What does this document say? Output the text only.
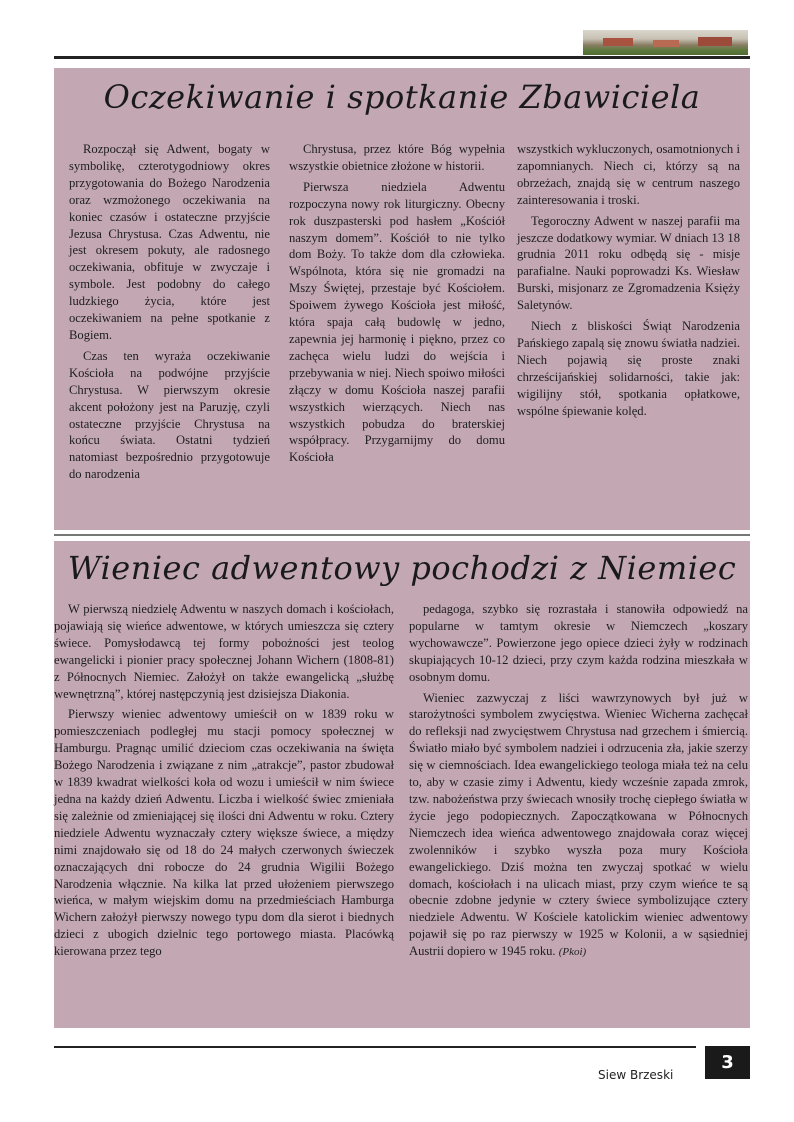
Oczekiwanie i spotkanie Zbawiciela

Rozpoczął się Adwent, bogaty w symbolikę, czterotygodniowy okres przygotowania do Bożego Narodzenia oraz wzmożonego oczekiwania na koniec czasów i ostateczne przyjście Jezusa Chrystusa. Czas Adwentu, nie jest okresem pokuty, ale radosnego oczekiwania, obfituje w zwyczaje i symbole. Jest podobny do całego ludzkiego życia, które jest oczekiwaniem na pełne spotkanie z Bogiem.

Czas ten wyraża oczekiwanie Kościoła na podwójne przyjście Chrystusa. W pierwszym okresie akcent położony jest na Paruzję, czyli ostateczne przyjście Chrystusa na końcu świata. Ostatni tydzień natomiast bezpośrednio przygotowuje do narodzenia

Chrystusa, przez które Bóg wypełnia wszystkie obietnice złożone w historii.

Pierwsza niedziela Adwentu rozpoczyna nowy rok liturgiczny. Obecny rok duszpasterski pod hasłem „Kościół naszym domem”. Kościół to nie tylko dom Boży. To także dom dla człowieka. Wspólnota, która się nie gromadzi na Mszy Świętej, przestaje być Kościołem. Spoiwem żywego Kościoła jest miłość, która spaja całą budowlę w jedno, zapewnia jej harmonię i piękno, przez co zachęca wielu ludzi do wejścia i przebywania w niej. Niech spoiwo miłości złączy w domu Kościoła naszej parafii wszystkich wierzących. Niech nas wszystkich pobudza do braterskiej współpracy. Przygarnijmy do domu Kościoła

wszystkich wykluczonych, osamotnionych i zapomnianych. Niech ci, którzy są na obrzeżach, znajdą się w centrum naszego zainteresowania i troski.

Tegoroczny Adwent w naszej parafii ma jeszcze dodatkowy wymiar. W dniach 13 18 grudnia 2011 roku odbędą się - misje parafialne. Nauki poprowadzi Ks. Wiesław Burski, misjonarz ze Zgromadzenia Księży Saletynów.

Niech z bliskości Świąt Narodzenia Pańskiego zapalą się znowu światła nadziei. Niech pojawią się proste znaki chrześcijańskiej solidarności, takie jak: wigilijny stół, spotkania opłatkowe, wspólne śpiewanie kolęd.

Wieniec adwentowy pochodzi z Niemiec

W pierwszą niedzielę Adwentu w naszych domach i kościołach, pojawiają się wieńce adwentowe, w których umieszcza się cztery świece. Pomysłodawcą tej formy pobożności jest teolog ewangelicki i pionier pracy społecznej Johann Wichern (1808-81) z Północnych Niemiec. Założył on także ewangelicką „służbę wewnętrzną”, której następczynią jest dzisiejsza Diakonia.

Pierwszy wieniec adwentowy umieścił on w 1839 roku w pomieszczeniach podległej mu stacji pomocy społecznej w Hamburgu. Pragnąc umilić dzieciom czas oczekiwania na święta Bożego Narodzenia i związane z nim „atrakcje”, pastor zbudował w 1839 kwadrat wielkości koła od wozu i umieścił w nim świece jedna na każdy dzień Adwentu. Liczba i wielkość świec zmieniała się zależnie od zmieniającej się ilości dni Adwentu w roku. Cztery niedziele Adwentu wyznaczały cztery większe świece, a między nimi znajdowało się od 18 do 24 małych czerwonych świeczek oznaczających dni robocze do 24 grudnia Wigilii Bożego Narodzenia włącznie. Na kilka lat przed ułożeniem pierwszego wieńca, w małym wiejskim domu na przedmieściach Hamburga Wichern założył pierwszy nowego typu dom dla sierot i biednych dzieci z ubogich dzielnic tego portowego miasta. Placówką kierowana przez tego

pedagoga, szybko się rozrastała i stanowiła odpowiedź na popularne w tamtym okresie w Niemczech „koszary wychowawcze”. Powierzone jego opiece dzieci żyły w rodzinach skupiających 10-12 dzieci, przy czym każda rodzina mieszkała w osobnym domu.

Wieniec zazwyczaj z liści wawrzynowych był już w starożytności symbolem zwycięstwa. Wieniec Wicherna zachęcał do refleksji nad zwycięstwem Chrystusa nad grzechem i śmiercią. Światło miało być symbolem nadziei i odrzucenia zła, jakie szerzy się w ciemnościach. Idea ewangelickiego teologa miała też na celu to, aby w czasie zimy i Adwentu, kiedy wcześnie zapada zmrok, tzw. nabożeństwa przy świecach wnosiły trochę ciepłego światła w życie jego podopiecznych. Zapoczątkowana w Północnych Niemczech idea wieńca adwentowego znajdowała coraz więcej zwolenników i szybko wyszła poza mury Kościoła ewangelickiego. Dziś można ten zwyczaj spotkać w wielu domach, kościołach i na ulicach miast, przy czym wieńce te są obecnie zdobne jedynie w cztery świece symbolizujące cztery niedziele Adwentu. W Kościele katolickim wieniec adwentowy pojawił się po raz pierwszy w 1925 w Kolonii, a w sąsiedniej Austrii dopiero w 1945 roku. (Pkoi)

Siew Brzeski
3
